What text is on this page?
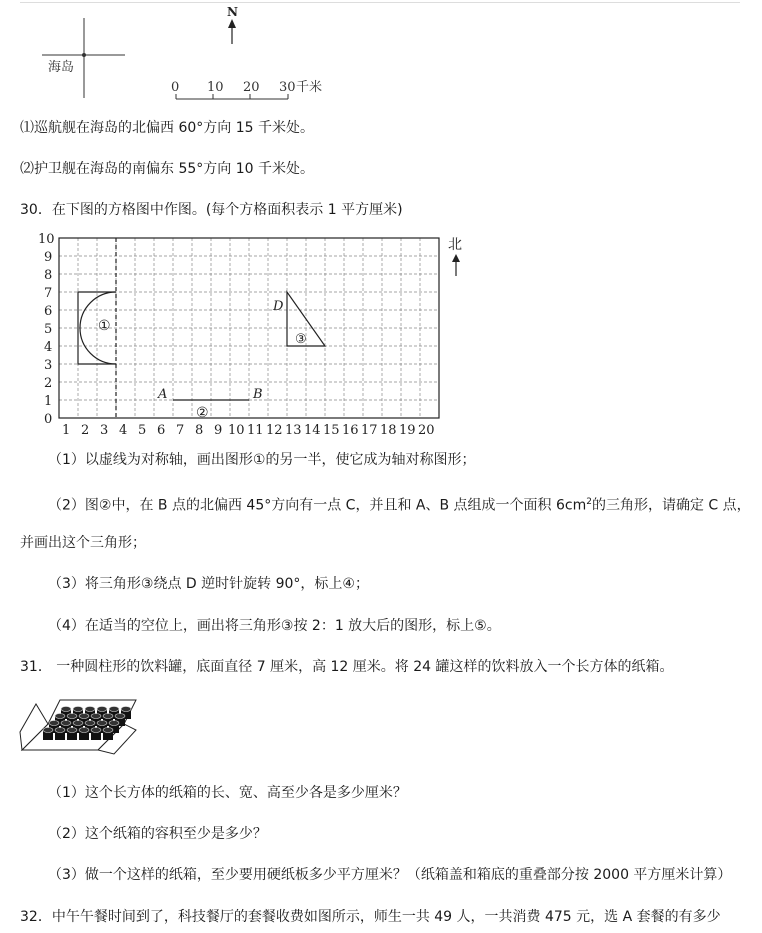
海岛
N
0 10 20 30 千米
⑴巡航舰在海岛的北偏西 60°方向 15 千米处。
⑵护卫舰在海岛的南偏东 55°方向 10 千米处。
30．在下图的方格图中作图。(每个方格面积表示 1 平方厘米)
①
A	B
②
D
③
0
1
2
3
4
5
6
7
8
9
10
1 2 3 4 5 6 7 8 9 10 11 12 13 14 15 16 17 18 19 20
北
（1）以虚线为对称轴，画出图形①的另一半，使它成为轴对称图形；
（2）图②中，在 B 点的北偏西 45°方向有一点 C，并且和 A、B 点组成一个面积 $6cm^2$的三角形，请确定 C 点，
并画出这个三角形；
（3）将三角形③绕点 D 逆时针旋转 90°，标上④；
（4）在适当的空位上，画出将三角形③按 2：1 放大后的图形，标上⑤。
31． 一种圆柱形的饮料罐，底面直径 7 厘米，高 12 厘米。将 24 罐这样的饮料放入一个长方体的纸箱。
（1）这个长方体的纸箱的长、宽、高至少各是多少厘米？
（2）这个纸箱的容积至少是多少？
（3）做一个这样的纸箱，至少要用硬纸板多少平方厘米？（纸箱盖和箱底的重叠部分按 2000 平方厘米计算）
32．中午午餐时间到了，科技餐厅的套餐收费如图所示，师生一共 49 人，一共消费 475 元，选 A 套餐的有多少
